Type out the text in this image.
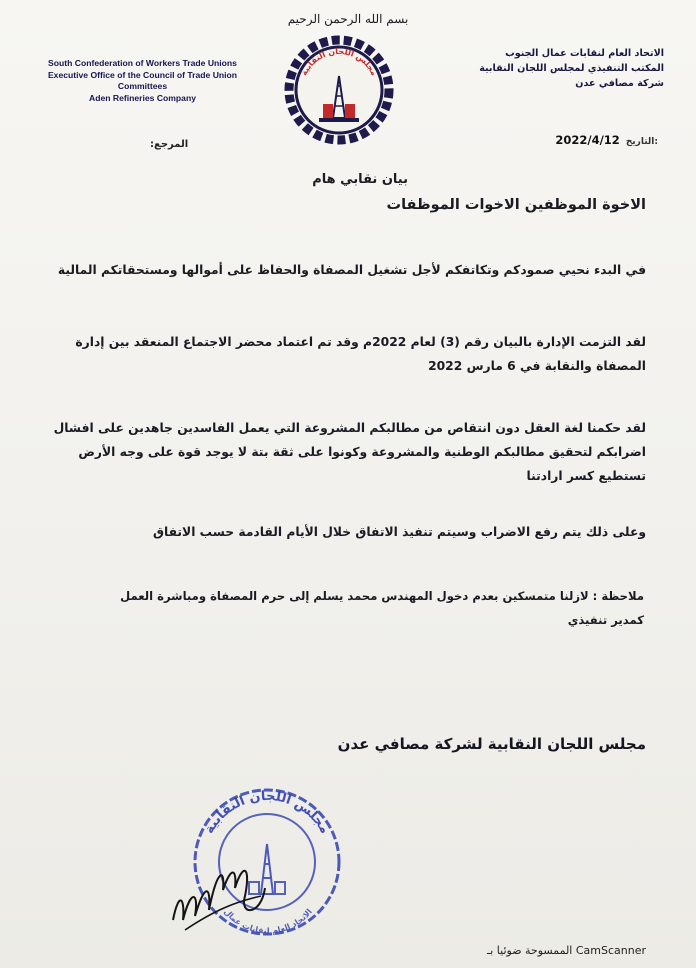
بسم الله الرحمن الرحيم
South Confederation of Workers Trade Unions
Executive Office of the Council of Trade Union
Committees
Aden Refineries Company
الاتحاد العام لنقابات عمال الجنوب
المكتب التنفيذي لمجلس اللجان النقابية
شركة مصافي عدن
مجلس اللجان النقابية
المرجع:	2022/4/12 التاريخ:
بيان نقابي هام
الاخوة الموظفين الاخوات الموظفات
في البدء نحيي صمودكم وتكاتفكم لأجل تشغيل المصفاة والحفاظ على أموالها ومستحقاتكم المالية
لقد التزمت الإدارة بالبيان رقم (3) لعام 2022م وقد تم اعتماد محضر الاجتماع المنعقد بين إدارة
المصفاة والنقابة في 6 مارس 2022
لقد حكمنا لغة العقل دون انتقاص من مطالبكم المشروعة التي يعمل الفاسدين جاهدين على افشال
اضرابكم لتحقيق مطالبكم الوطنية والمشروعة وكونوا على ثقة بتة لا يوجد قوة على وجه الأرض
تستطيع كسر ارادتنا
وعلى ذلك يتم رفع الاضراب وسيتم تنفيذ الاتفاق خلال الأيام القادمة حسب الاتفاق
ملاحظة : لازلنا متمسكين بعدم دخول المهندس محمد يسلم إلى حرم المصفاة ومباشرة العمل
كمدير تنفيذي
مجلس اللجان النقابية لشركة مصافي عدن
مجلس اللجان النقابية
الاتحاد العام لنقابات عمال
الممسوحة ضوئيا بـ CamScanner
